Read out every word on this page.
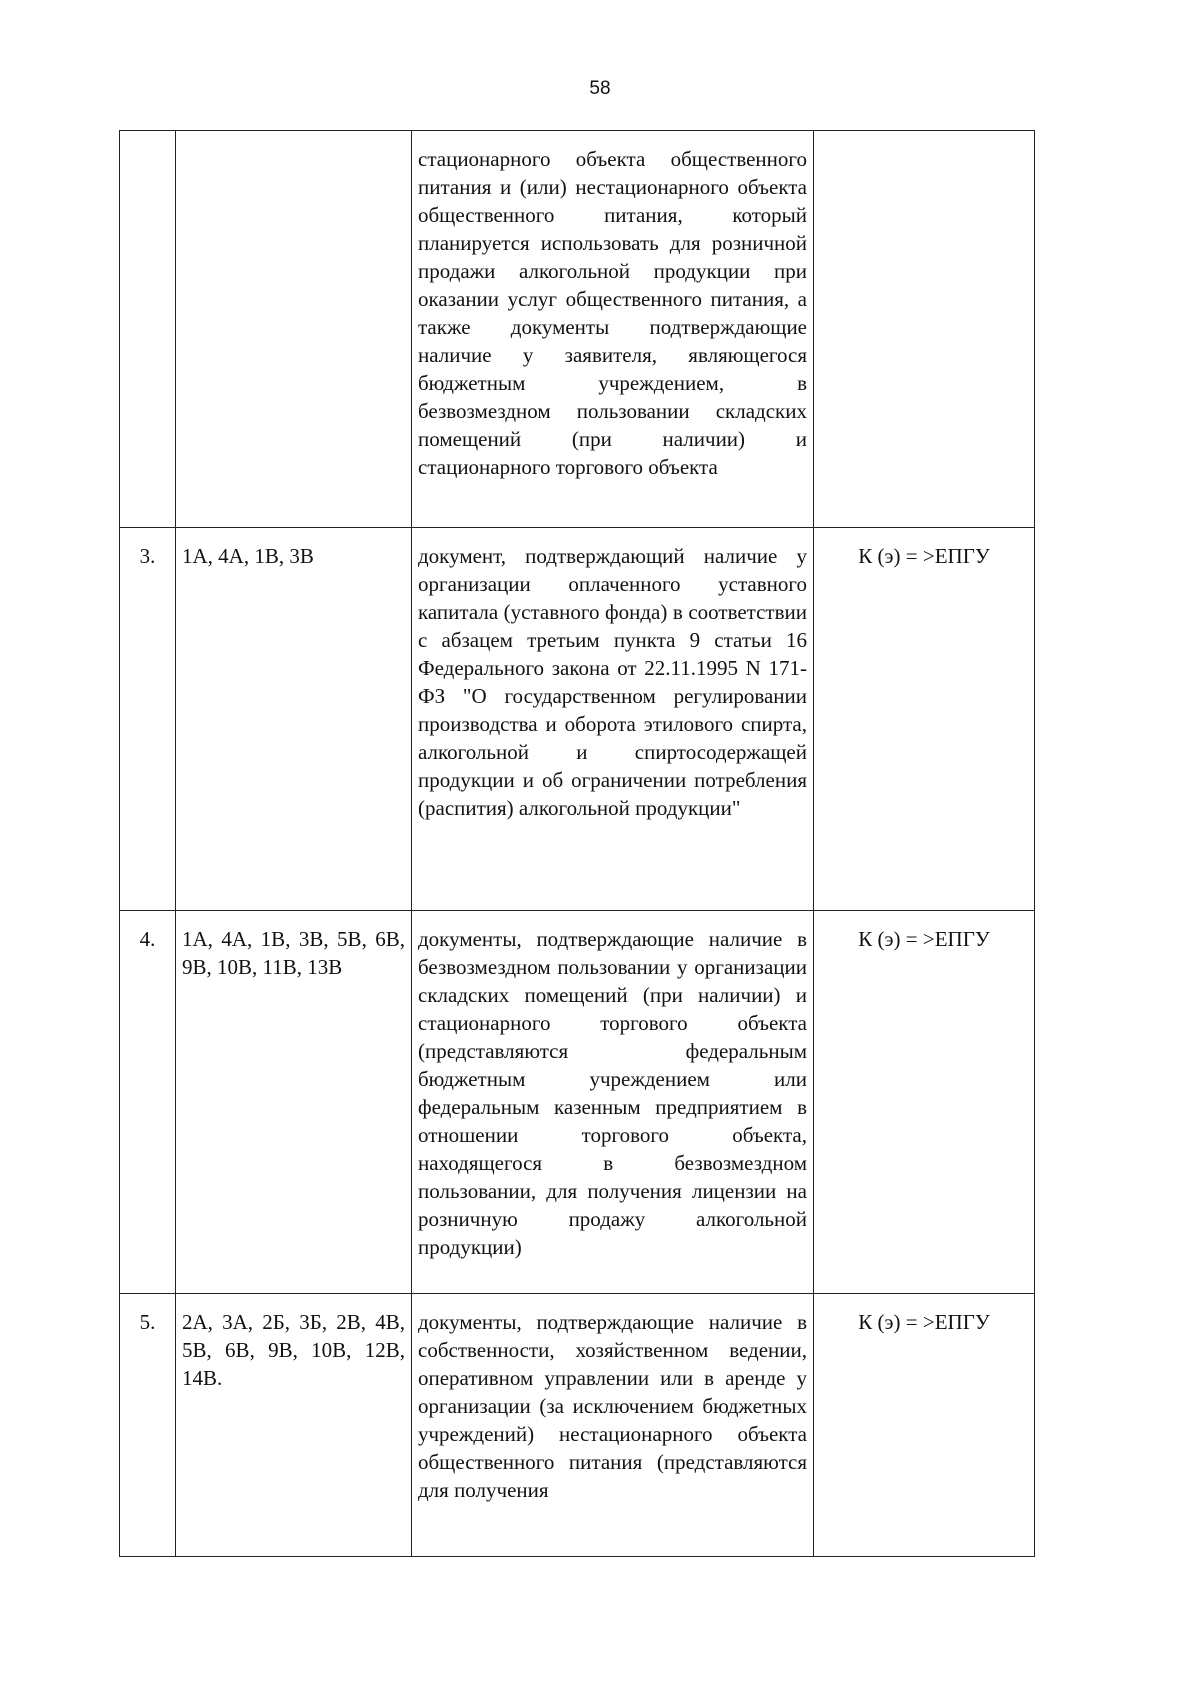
58
		стационарного объекта общественного питания и (или) нестационарного объекта общественного питания, который планируется использовать для розничной продажи алкогольной продукции при оказании услуг общественного питания, а также документы подтверждающие наличие у заявителя, являющегося бюджетным учреждением, в безвозмездном пользовании складских помещений (при наличии) и стационарного торгового объекта	
3.	1А, 4А, 1В, 3В	документ, подтверждающий наличие у организации оплаченного уставного капитала (уставного фонда) в соответствии с абзацем третьим пункта 9 статьи 16 Федерального закона от 22.11.1995 N 171-ФЗ "О государственном регулировании производства и оборота этилового спирта, алкогольной и спиртосодержащей продукции и об ограничении потребления (распития) алкогольной продукции"	К (э) = >ЕПГУ
4.	1А, 4А, 1В, 3В, 5В, 6В, 9В, 10В, 11В, 13В	документы, подтверждающие наличие в безвозмездном пользовании у организации складских помещений (при наличии) и стационарного торгового объекта (представляются федеральным бюджетным учреждением или федеральным казенным предприятием в отношении торгового объекта, находящегося в безвозмездном пользовании, для получения лицензии на розничную продажу алкогольной продукции)	К (э) = >ЕПГУ
5.	2А, 3А, 2Б, 3Б, 2В, 4В, 5В, 6В, 9В, 10В, 12В, 14В.	документы, подтверждающие наличие в собственности, хозяйственном ведении, оперативном управлении или в аренде у организации (за исключением бюджетных учреждений) нестационарного объекта общественного питания (представляются для получения	К (э) = >ЕПГУ
